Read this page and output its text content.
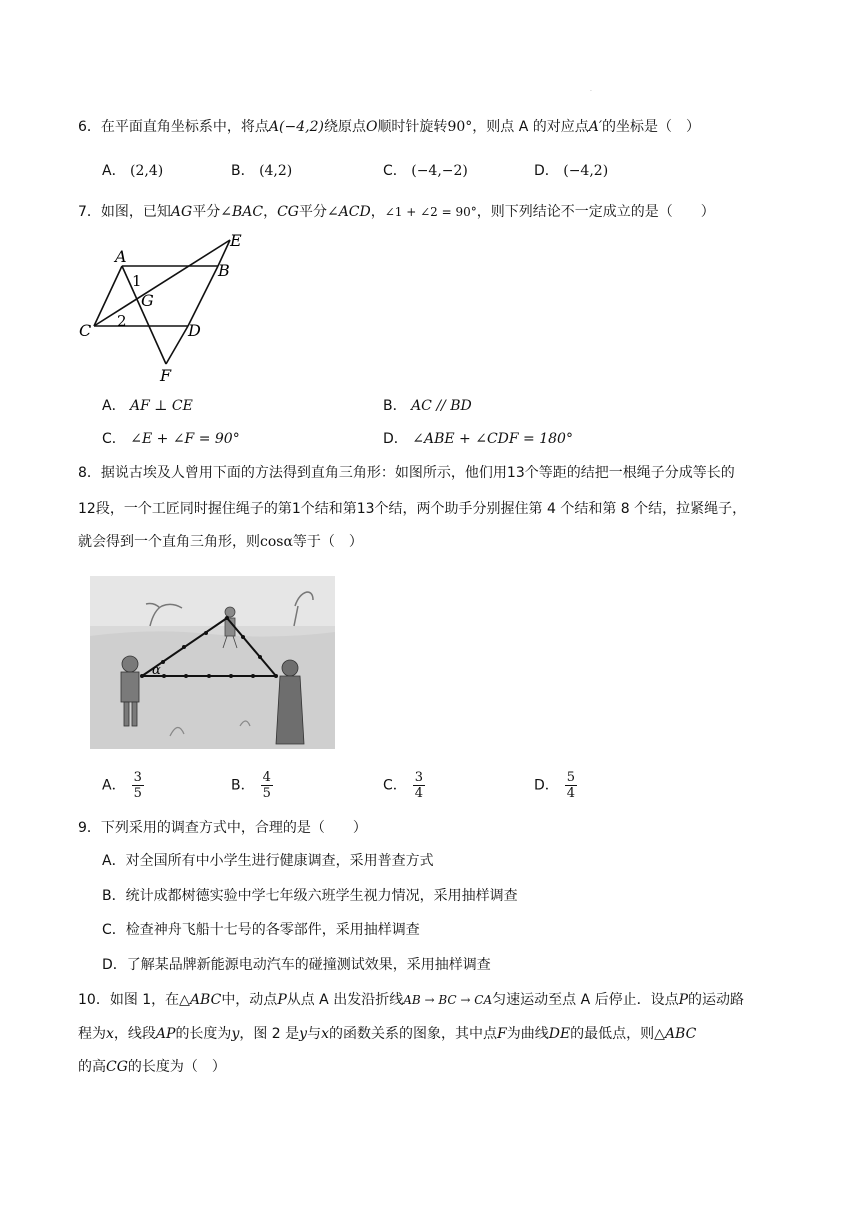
·
6．在平面直角坐标系中，将点A(−4,2)绕原点O顺时针旋转90°，则点 A 的对应点A′的坐标是（　）
A． (2,4)	B． (4,2)	C． (−4,−2)	D． (−4,2)
7．如图，已知AG平分∠BAC，CG平分∠ACD，∠1 + ∠2 = 90°，则下列结论不一定成立的是（　　）
A
B
C	D
E
F
G
1
2
A． AF ⊥ CE	B． AC // BD
C． ∠E + ∠F = 90°	D． ∠ABE + ∠CDF = 180°
8．据说古埃及人曾用下面的方法得到直角三角形：如图所示，他们用13个等距的结把一根绳子分成等长的
12段，一个工匠同时握住绳子的第1个结和第13个结，两个助手分别握住第 4 个结和第 8 个结，拉紧绳子，
就会得到一个直角三角形，则cosα等于（　）
α
A． $\frac{3}{5}$	B． $\frac{4}{5}$	C． $\frac{3}{4}$	D． $\frac{5}{4}$
9．下列采用的调查方式中，合理的是（　　）
A．对全国所有中小学生进行健康调查，采用普查方式
B．统计成都树德实验中学七年级六班学生视力情况，采用抽样调查
C．检查神舟飞船十七号的各零部件，采用抽样调查
D．了解某品牌新能源电动汽车的碰撞测试效果，采用抽样调查
10．如图 1，在△ABC中，动点P从点 A 出发沿折线AB → BC → CA匀速运动至点 A 后停止．设点P的运动路
程为x，线段AP的长度为y，图 2 是y与x的函数关系的图象，其中点F为曲线DE的最低点，则△ABC
的高CG的长度为（　）
